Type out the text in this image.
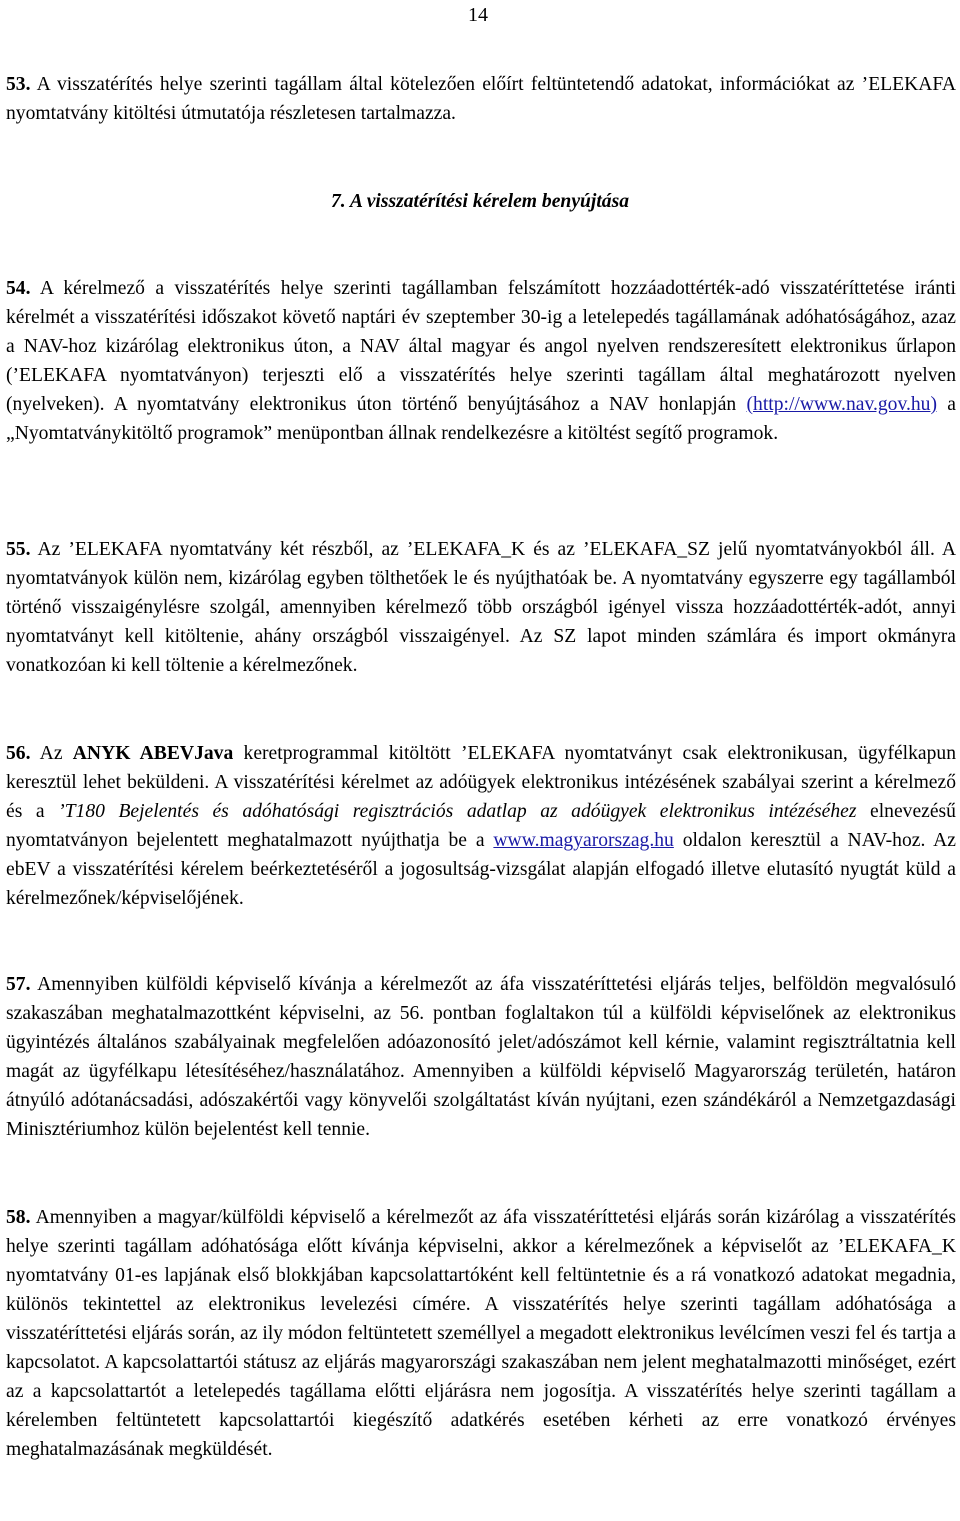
14

53. A visszatérítés helye szerinti tagállam által kötelezően előírt feltüntetendő adatokat, információkat az ’ELEKAFA nyomtatvány kitöltési útmutatója részletesen tartalmazza.

7. A visszatérítési kérelem benyújtása

54. A kérelmező a visszatérítés helye szerinti tagállamban felszámított hozzáadottérték-adó visszatéríttetése iránti kérelmét a visszatérítési időszakot követő naptári év szeptember 30-ig a letelepedés tagállamának adóhatóságához, azaz a NAV-hoz kizárólag elektronikus úton, a NAV által magyar és angol nyelven rendszeresített elektronikus űrlapon (’ELEKAFA nyomtatványon) terjeszti elő a visszatérítés helye szerinti tagállam által meghatározott nyelven (nyelveken). A nyomtatvány elektronikus úton történő benyújtásához a NAV honlapján (http://www.nav.gov.hu) a „Nyomtatványkitöltő programok” menüpontban állnak rendelkezésre a kitöltést segítő programok.

55. Az ’ELEKAFA nyomtatvány két részből, az ’ELEKAFA_K és az ’ELEKAFA_SZ jelű nyomtatványokból áll. A nyomtatványok külön nem, kizárólag egyben tölthetőek le és nyújthatóak be. A nyomtatvány egyszerre egy tagállamból történő visszaigénylésre szolgál, amennyiben kérelmező több országból igényel vissza hozzáadottérték-adót, annyi nyomtatványt kell kitöltenie, ahány országból visszaigényel. Az SZ lapot minden számlára és import okmányra vonatkozóan ki kell töltenie a kérelmezőnek.

56. Az ANYK ABEVJava keretprogrammal kitöltött ’ELEKAFA nyomtatványt csak elektronikusan, ügyfélkapun keresztül lehet beküldeni. A visszatérítési kérelmet az adóügyek elektronikus intézésének szabályai szerint a kérelmező és a ’T180 Bejelentés és adóhatósági regisztrációs adatlap az adóügyek elektronikus intézéséhez elnevezésű nyomtatványon bejelentett meghatalmazott nyújthatja be a www.magyarorszag.hu oldalon keresztül a NAV-hoz. Az ebEV a visszatérítési kérelem beérkeztetéséről a jogosultság-vizsgálat alapján elfogadó illetve elutasító nyugtát küld a kérelmezőnek/képviselőjének.

57. Amennyiben külföldi képviselő kívánja a kérelmezőt az áfa visszatéríttetési eljárás teljes, belföldön megvalósuló szakaszában meghatalmazottként képviselni, az 56. pontban foglaltakon túl a külföldi képviselőnek az elektronikus ügyintézés általános szabályainak megfelelően adóazonosító jelet/adószámot kell kérnie, valamint regisztráltatnia kell magát az ügyfélkapu létesítéséhez/használatához. Amennyiben a külföldi képviselő Magyarország területén, határon átnyúló adótanácsadási, adószakértői vagy könyvelői szolgáltatást kíván nyújtani, ezen szándékáról a Nemzetgazdasági Minisztériumhoz külön bejelentést kell tennie.

58. Amennyiben a magyar/külföldi képviselő a kérelmezőt az áfa visszatéríttetési eljárás során kizárólag a visszatérítés helye szerinti tagállam adóhatósága előtt kívánja képviselni, akkor a kérelmezőnek a képviselőt az ’ELEKAFA_K nyomtatvány 01-es lapjának első blokkjában kapcsolattartóként kell feltüntetnie és a rá vonatkozó adatokat megadnia, különös tekintettel az elektronikus levelezési címére. A visszatérítés helye szerinti tagállam adóhatósága a visszatéríttetési eljárás során, az ily módon feltüntetett személlyel a megadott elektronikus levélcímen veszi fel és tartja a kapcsolatot. A kapcsolattartói státusz az eljárás magyarországi szakaszában nem jelent meghatalmazotti minőséget, ezért az a kapcsolattartót a letelepedés tagállama előtti eljárásra nem jogosítja. A visszatérítés helye szerinti tagállam a kérelemben feltüntetett kapcsolattartói kiegészítő adatkérés esetében kérheti az erre vonatkozó érvényes meghatalmazásának megküldését.
